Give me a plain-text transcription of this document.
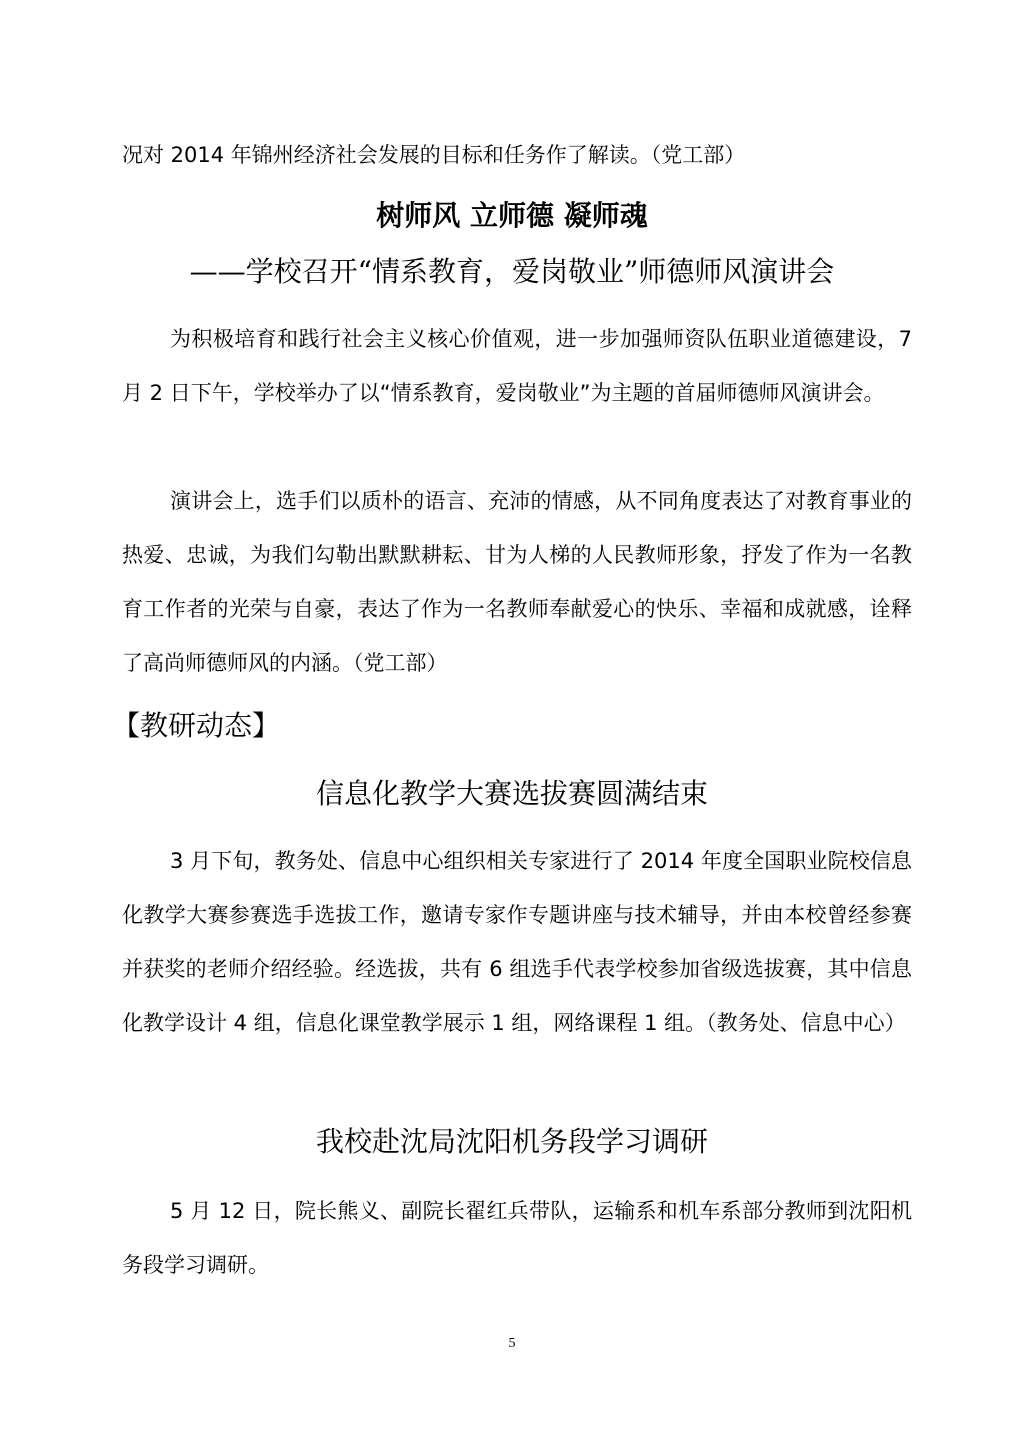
况对 2014 年锦州经济社会发展的目标和任务作了解读。（党工部）

树师风 立师德 凝师魂
——学校召开“情系教育，爱岗敬业”师德师风演讲会

为积极培育和践行社会主义核心价值观，进一步加强师资队伍职业道德建设，7 月 2 日下午，学校举办了以“情系教育，爱岗敬业”为主题的首届师德师风演讲会。

演讲会上，选手们以质朴的语言、充沛的情感，从不同角度表达了对教育事业的热爱、忠诚，为我们勾勒出默默耕耘、甘为人梯的人民教师形象，抒发了作为一名教育工作者的光荣与自豪，表达了作为一名教师奉献爱心的快乐、幸福和成就感，诠释了高尚师德师风的内涵。（党工部）

【教研动态】
信息化教学大赛选拔赛圆满结束

3 月下旬，教务处、信息中心组织相关专家进行了 2014 年度全国职业院校信息化教学大赛参赛选手选拔工作，邀请专家作专题讲座与技术辅导，并由本校曾经参赛并获奖的老师介绍经验。经选拔，共有 6 组选手代表学校参加省级选拔赛，其中信息化教学设计 4 组，信息化课堂教学展示 1 组，网络课程 1 组。（教务处、信息中心）

我校赴沈局沈阳机务段学习调研

5 月 12 日，院长熊义、副院长翟红兵带队，运输系和机车系部分教师到沈阳机务段学习调研。

5
